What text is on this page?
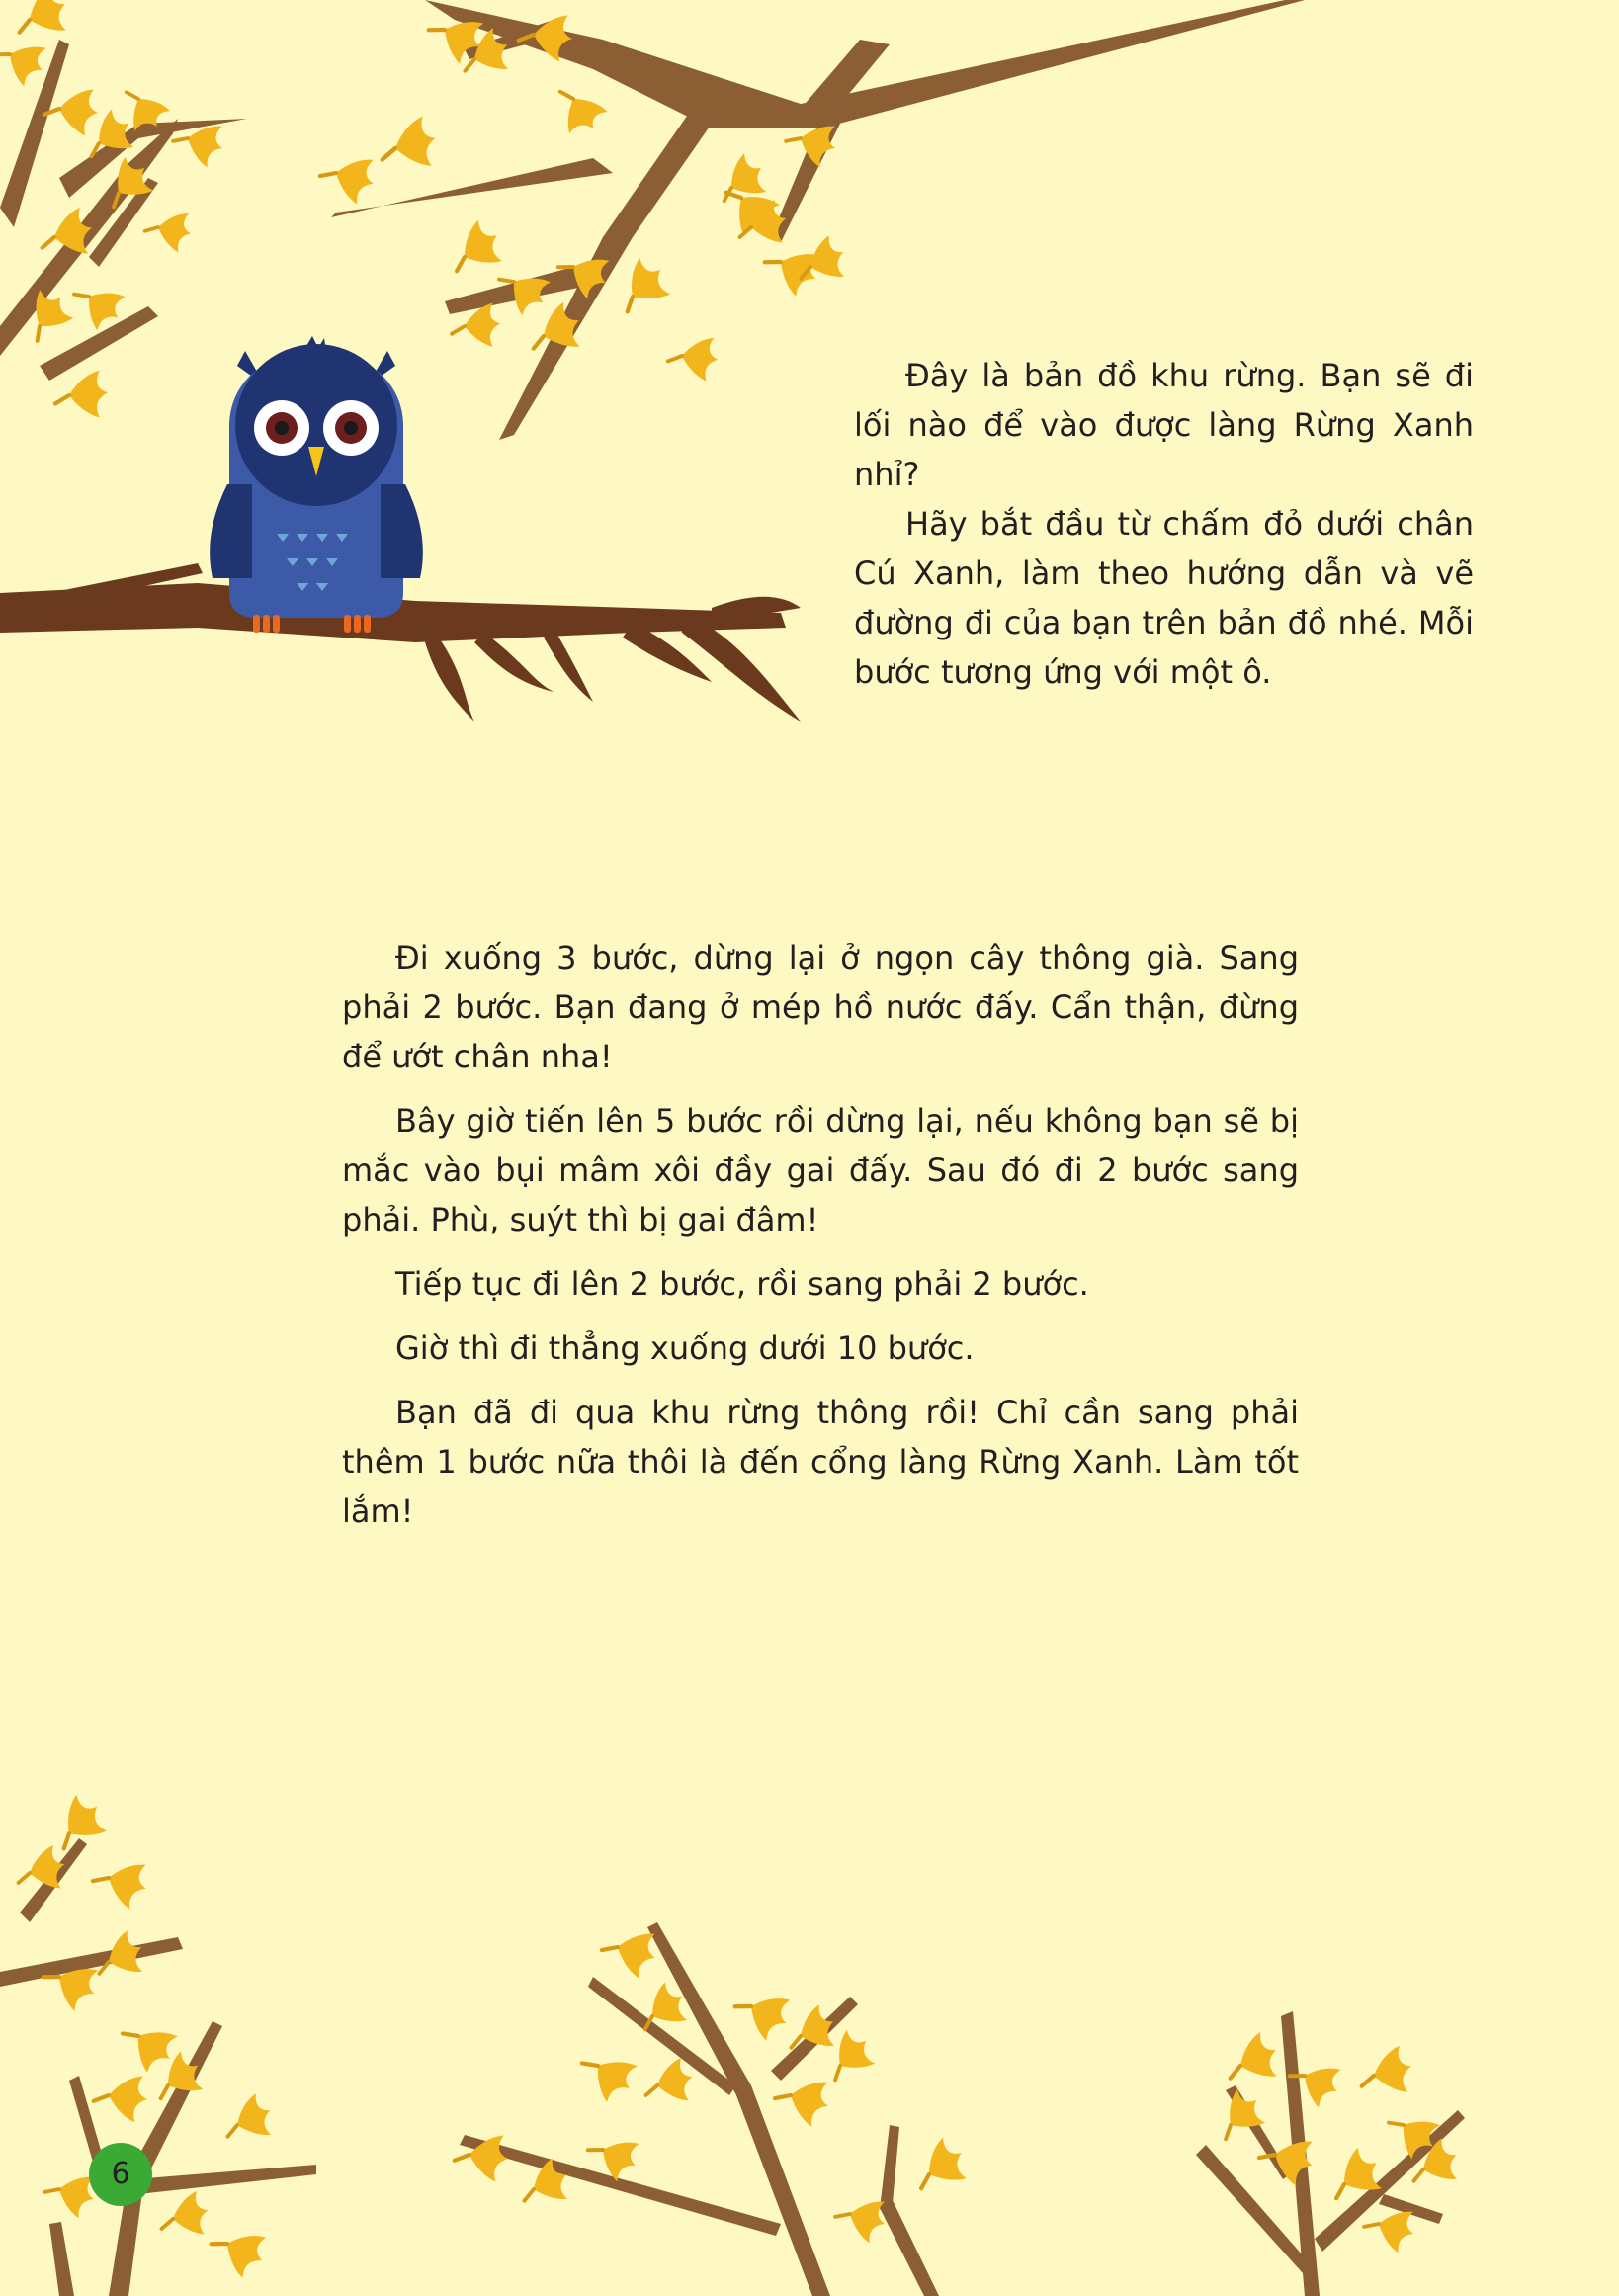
Đây là bản đồ khu rừng. Bạn sẽ đi lối nào để vào được làng Rừng Xanh nhỉ?

Hãy bắt đầu từ chấm đỏ dưới chân Cú Xanh, làm theo hướng dẫn và vẽ đường đi của bạn trên bản đồ nhé. Mỗi bước tương ứng với một ô.

Đi xuống 3 bước, dừng lại ở ngọn cây thông già. Sang phải 2 bước. Bạn đang ở mép hồ nước đấy. Cẩn thận, đừng để ướt chân nha!

Bây giờ tiến lên 5 bước rồi dừng lại, nếu không bạn sẽ bị mắc vào bụi mâm xôi đầy gai đấy. Sau đó đi 2 bước sang phải. Phù, suýt thì bị gai đâm!

Tiếp tục đi lên 2 bước, rồi sang phải 2 bước.

Giờ thì đi thẳng xuống dưới 10 bước.

Bạn đã đi qua khu rừng thông rồi! Chỉ cần sang phải thêm 1 bước nữa thôi là đến cổng làng Rừng Xanh. Làm tốt lắm!

6
